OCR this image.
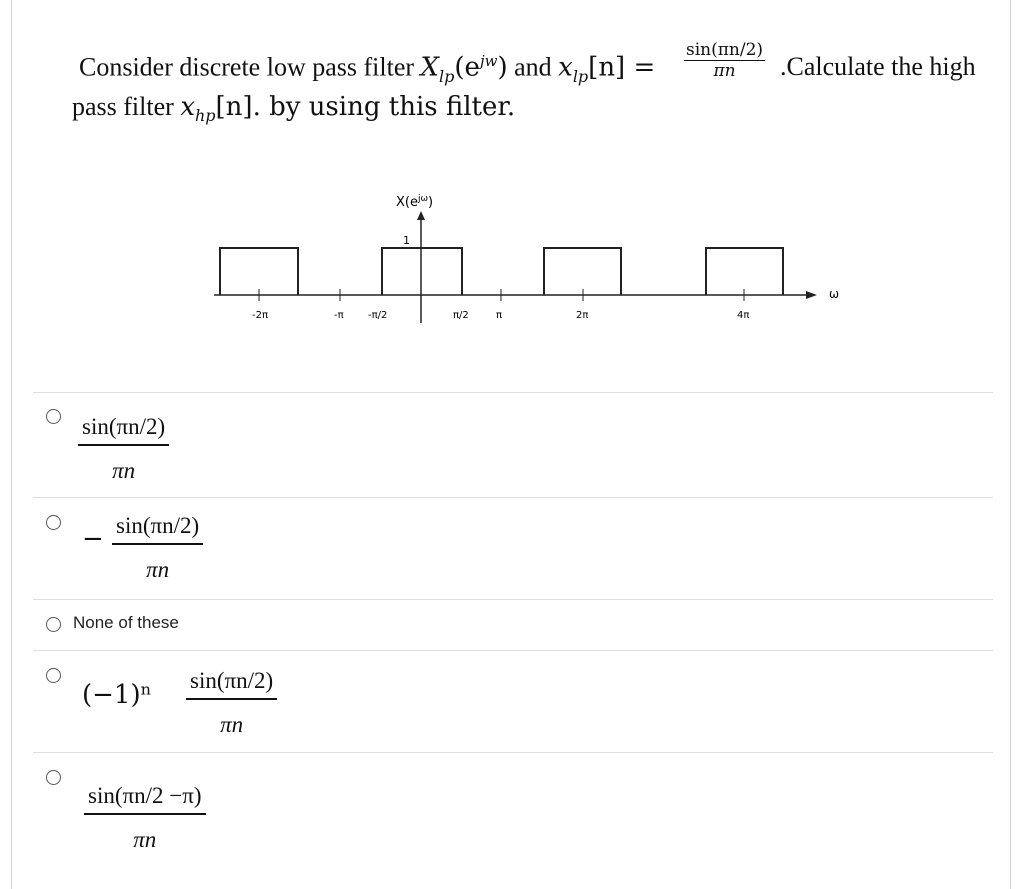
Consider discrete low pass filter $X_{lp}(e^{jw})$ and $x_{lp}[n] = \frac{\sin(\pi n/2)}{\pi n}$ .Calculate the high
pass filter $x_{hp}[n]$. by using this filter.
$X(e^{j\omega})$
ω
1
-2π	-π -π/2	π/2	π	2π	4π
$\frac{\sin(\pi n/2)}{\pi n}$
− $\frac{\sin(\pi n/2)}{\pi n}$
None of these
$(-1)^n \frac{\sin(\pi n/2)}{\pi n}$
$\frac{\sin(\pi n/2 -\pi)}{\pi n}$
